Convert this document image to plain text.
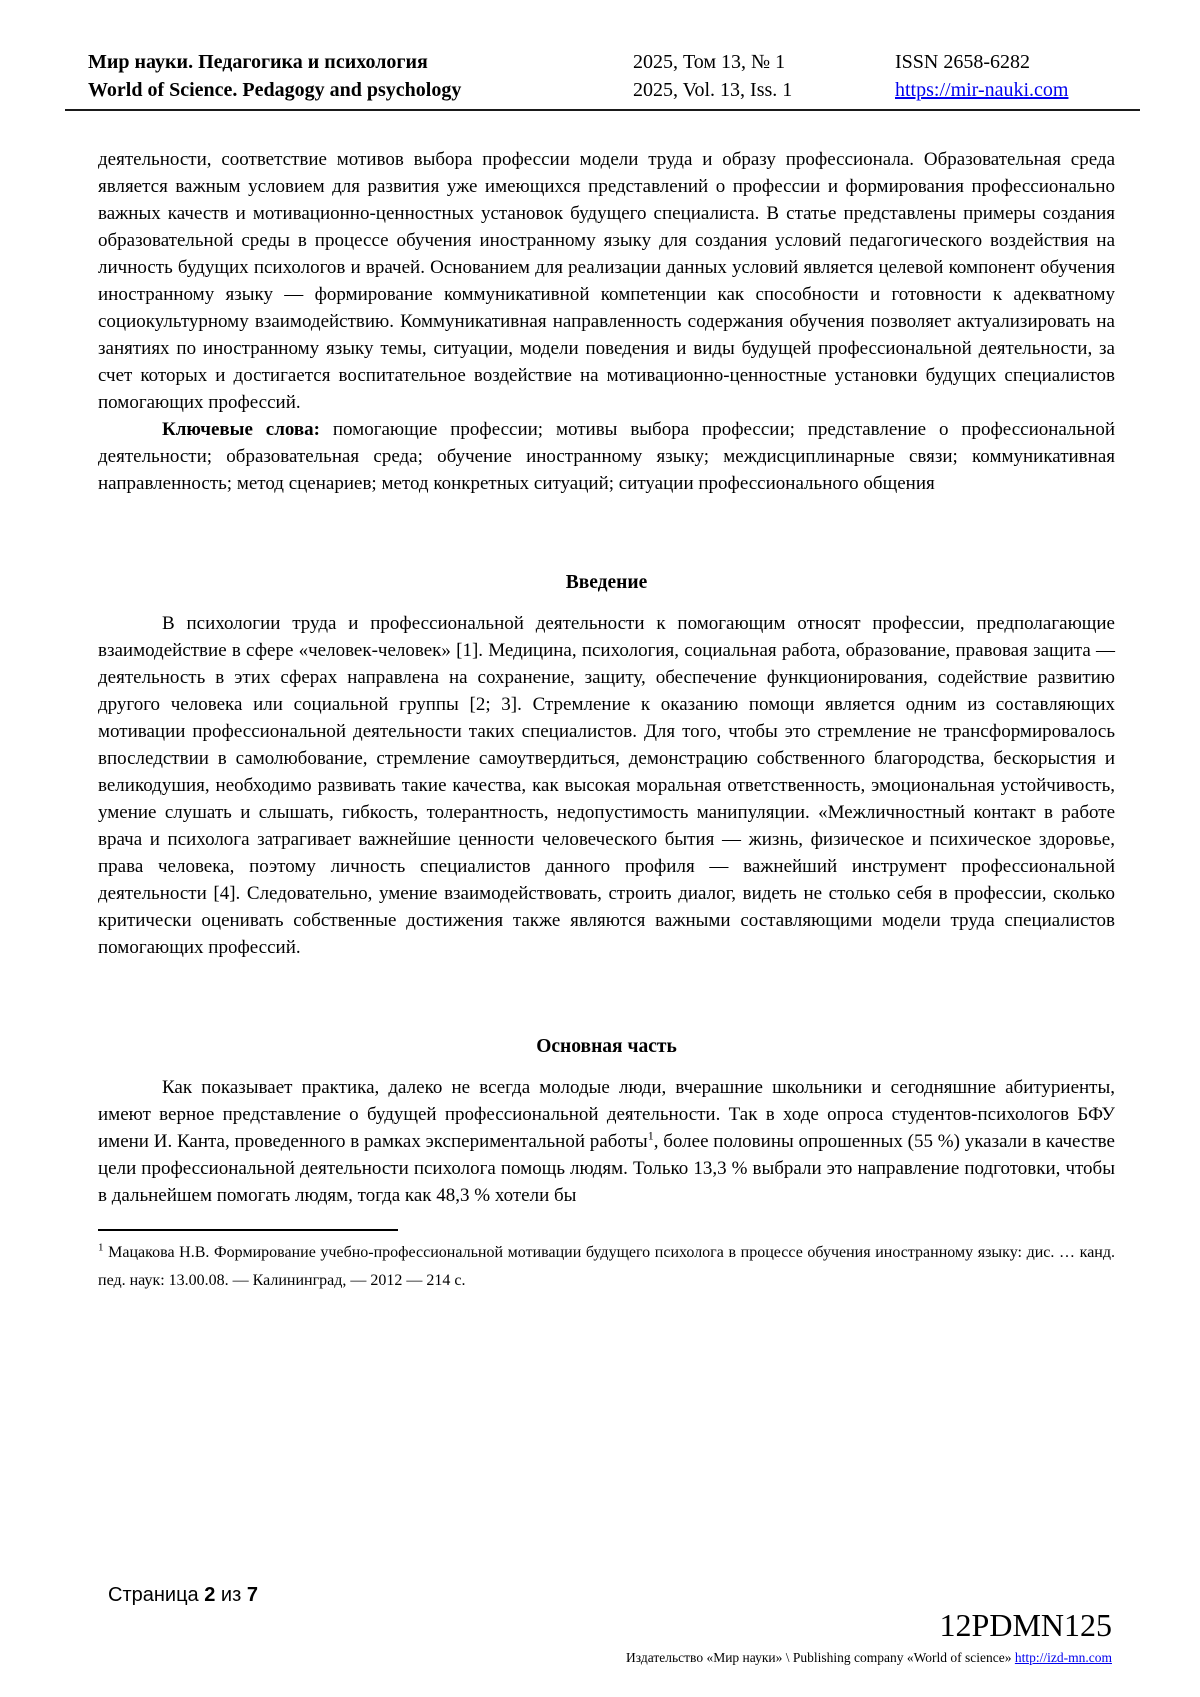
Мир науки. Педагогика и психология
World of Science. Pedagogy and psychology
2025, Том 13, № 1
2025, Vol. 13, Iss. 1
ISSN 2658-6282
https://mir-nauki.com

деятельности, соответствие мотивов выбора профессии модели труда и образу профессионала. Образовательная среда является важным условием для развития уже имеющихся представлений о профессии и формирования профессионально важных качеств и мотивационно-ценностных установок будущего специалиста. В статье представлены примеры создания образовательной среды в процессе обучения иностранному языку для создания условий педагогического воздействия на личность будущих психологов и врачей. Основанием для реализации данных условий является целевой компонент обучения иностранному языку — формирование коммуникативной компетенции как способности и готовности к адекватному социокультурному взаимодействию. Коммуникативная направленность содержания обучения позволяет актуализировать на занятиях по иностранному языку темы, ситуации, модели поведения и виды будущей профессиональной деятельности, за счет которых и достигается воспитательное воздействие на мотивационно-ценностные установки будущих специалистов помогающих профессий.

Ключевые слова: помогающие профессии; мотивы выбора профессии; представление о профессиональной деятельности; образовательная среда; обучение иностранному языку; междисциплинарные связи; коммуникативная направленность; метод сценариев; метод конкретных ситуаций; ситуации профессионального общения

Введение

В психологии труда и профессиональной деятельности к помогающим относят профессии, предполагающие взаимодействие в сфере «человек-человек» [1]. Медицина, психология, социальная работа, образование, правовая защита — деятельность в этих сферах направлена на сохранение, защиту, обеспечение функционирования, содействие развитию другого человека или социальной группы [2; 3]. Стремление к оказанию помощи является одним из составляющих мотивации профессиональной деятельности таких специалистов. Для того, чтобы это стремление не трансформировалось впоследствии в самолюбование, стремление самоутвердиться, демонстрацию собственного благородства, бескорыстия и великодушия, необходимо развивать такие качества, как высокая моральная ответственность, эмоциональная устойчивость, умение слушать и слышать, гибкость, толерантность, недопустимость манипуляции. «Межличностный контакт в работе врача и психолога затрагивает важнейшие ценности человеческого бытия — жизнь, физическое и психическое здоровье, права человека, поэтому личность специалистов данного профиля — важнейший инструмент профессиональной деятельности [4]. Следовательно, умение взаимодействовать, строить диалог, видеть не столько себя в профессии, сколько критически оценивать собственные достижения также являются важными составляющими модели труда специалистов помогающих профессий.

Основная часть

Как показывает практика, далеко не всегда молодые люди, вчерашние школьники и сегодняшние абитуриенты, имеют верное представление о будущей профессиональной деятельности. Так в ходе опроса студентов-психологов БФУ имени И. Канта, проведенного в рамках экспериментальной работы$^1$, более половины опрошенных (55 %) указали в качестве цели профессиональной деятельности психолога помощь людям. Только 13,3 % выбрали это направление подготовки, чтобы в дальнейшем помогать людям, тогда как 48,3 % хотели бы

$^1$ Мацакова Н.В. Формирование учебно-профессиональной мотивации будущего психолога в процессе обучения иностранному языку: дис. … канд. пед. наук: 13.00.08. — Калининград, — 2012 — 214 с.

Страница 2 из 7
12PDMN125
Издательство «Мир науки» \ Publishing company «World of science» http://izd-mn.com
